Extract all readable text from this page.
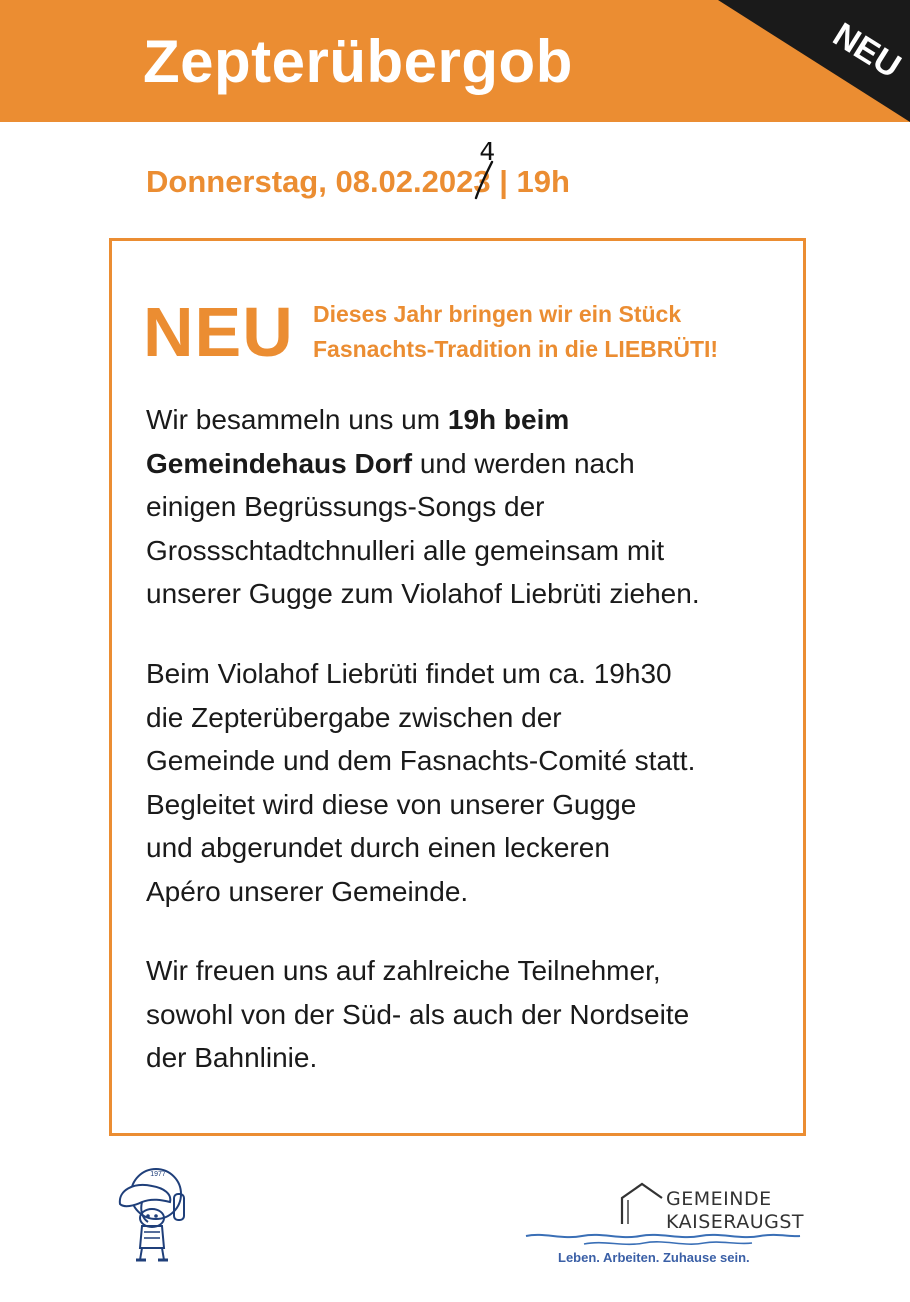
Zepterübergob	NEU
Donnerstag, 08.02.2023
4
| 19h
NEU Dieses Jahr bringen wir ein Stück
Fasnachts-Tradition in die LIEBRÜTI!
Wir besammeln uns um 19h beim
Gemeindehaus Dorf und werden nach
einigen Begrüssungs-Songs der
Grossschtadtchnulleri alle gemeinsam mit
unserer Gugge zum Violahof Liebrüti ziehen.
Beim Violahof Liebrüti findet um ca. 19h30
die Zepterübergabe zwischen der
Gemeinde und dem Fasnachts-Comité statt.
Begleitet wird diese von unserer Gugge
und abgerundet durch einen leckeren
Apéro unserer Gemeinde.
Wir freuen uns auf zahlreiche Teilnehmer,
sowohl von der Süd- als auch der Nordseite
der Bahnlinie.
1977
GEMEINDE
KAISERAUGST
Leben. Arbeiten. Zuhause sein.
